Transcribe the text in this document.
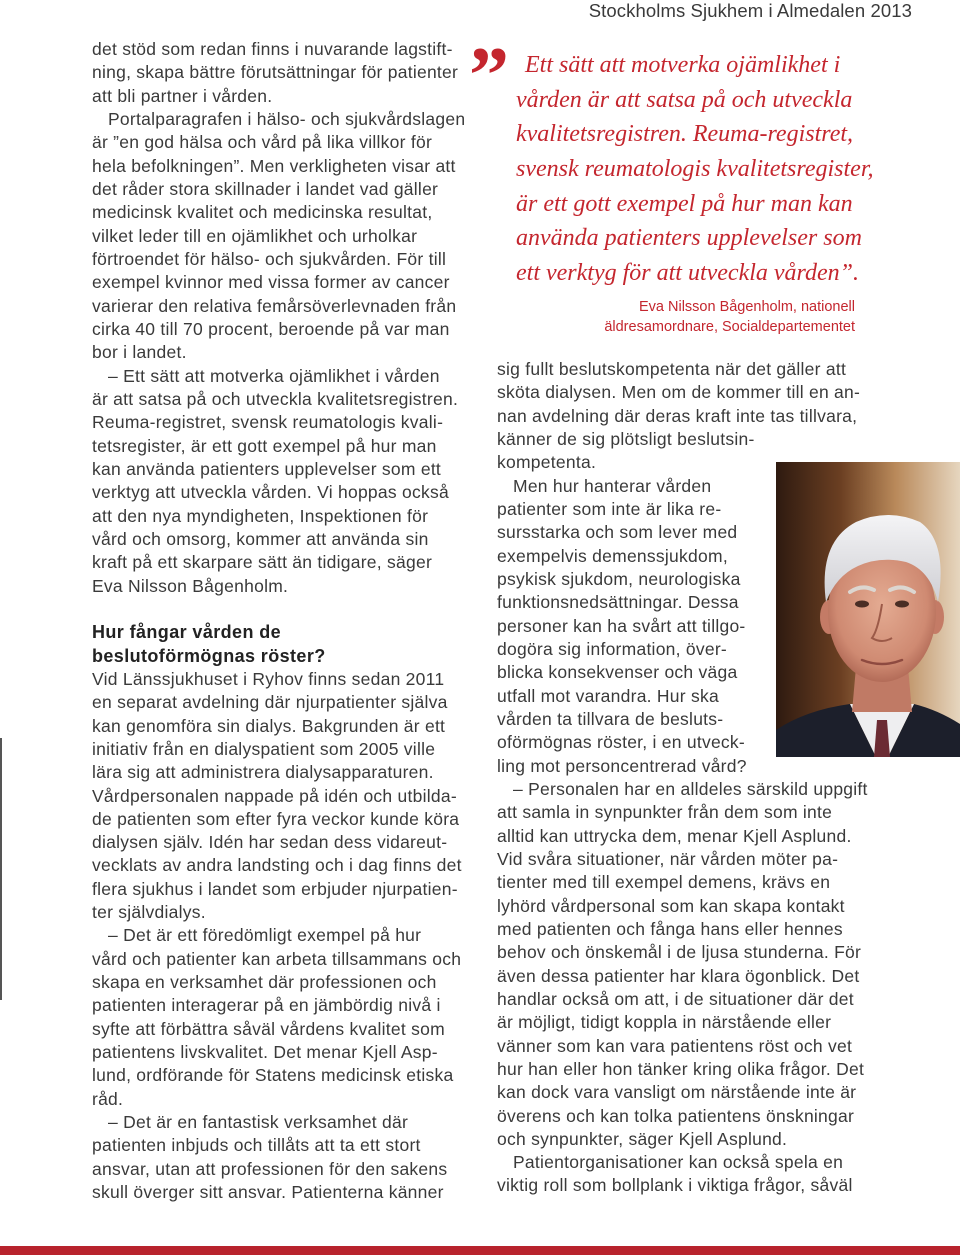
Stockholms Sjukhem i Almedalen 2013
det stöd som redan finns i nuvarande lagstift-
ning, skapa bättre förutsättningar för patienter
att bli partner i vården.
Portalparagrafen i hälso- och sjukvårdslagen
är ”en god hälsa och vård på lika villkor för
hela befolkningen”. Men verkligheten visar att
det råder stora skillnader i landet vad gäller
medicinsk kvalitet och medicinska resultat,
vilket leder till en ojämlikhet och urholkar
förtroendet för hälso- och sjukvården. För till
exempel kvinnor med vissa former av cancer
varierar den relativa femårsöverlevnaden från
cirka 40 till 70 procent, beroende på var man
bor i landet.
– Ett sätt att motverka ojämlikhet i vården
är att satsa på och utveckla kvalitetsregistren.
Reuma-registret, svensk reumatologis kvali-
tetsregister, är ett gott exempel på hur man
kan använda patienters upplevelser som ett
verktyg att utveckla vården. Vi hoppas också
att den nya myndigheten, Inspektionen för
vård och omsorg, kommer att använda sin
kraft på ett skarpare sätt än tidigare, säger
Eva Nilsson Bågenholm.
Hur fångar vården de
beslutoförmögnas röster?
Vid Länssjukhuset i Ryhov finns sedan 2011
en separat avdelning där njurpatienter själva
kan genomföra sin dialys. Bakgrunden är ett
initiativ från en dialyspatient som 2005 ville
lära sig att administrera dialysapparaturen.
Vårdpersonalen nappade på idén och utbilda-
de patienten som efter fyra veckor kunde köra
dialysen själv. Idén har sedan dess vidareut-
vecklats av andra landsting och i dag finns det
flera sjukhus i landet som erbjuder njurpatien-
ter självdialys.
– Det är ett föredömligt exempel på hur
vård och patienter kan arbeta tillsammans och
skapa en verksamhet där professionen och
patienten interagerar på en jämbördig nivå i
syfte att förbättra såväl vårdens kvalitet som
patientens livskvalitet. Det menar Kjell Asp-
lund, ordförande för Statens medicinsk etiska
råd.
– Det är en fantastisk verksamhet där
patienten inbjuds och tillåts att ta ett stort
ansvar, utan att professionen för den sakens
skull överger sitt ansvar. Patienterna känner
” Ett sätt att motverka ojämlikhet i
vården är att satsa på och utveckla
kvalitetsregistren. Reuma-registret,
svensk reumatologis kvalitetsregister,
är ett gott exempel på hur man kan
använda patienters upplevelser som
ett verktyg för att utveckla vården”.
Eva Nilsson Bågenholm, nationell
äldresamordnare, Socialdepartementet
sig fullt beslutskompetenta när det gäller att
sköta dialysen. Men om de kommer till en an-
nan avdelning där deras kraft inte tas tillvara,
känner de sig plötsligt beslutsin-
kompetenta.
Men hur hanterar vården
patienter som inte är lika re-
sursstarka och som lever med
exempelvis demenssjukdom,
psykisk sjukdom, neurologiska
funktionsnedsättningar. Dessa
personer kan ha svårt att tillgo-
dogöra sig information, över-
blicka konsekvenser och väga
utfall mot varandra. Hur ska
vården ta tillvara de besluts-
oförmögnas röster, i en utveck-
ling mot personcentrerad vård?
– Personalen har en alldeles särskild uppgift
att samla in synpunkter från dem som inte
alltid kan uttrycka dem, menar Kjell Asplund.
Vid svåra situationer, när vården möter pa-
tienter med till exempel demens, krävs en
lyhörd vårdpersonal som kan skapa kontakt
med patienten och fånga hans eller hennes
behov och önskemål i de ljusa stunderna. För
även dessa patienter har klara ögonblick. Det
handlar också om att, i de situationer där det
är möjligt, tidigt koppla in närstående eller
vänner som kan vara patientens röst och vet
hur han eller hon tänker kring olika frågor. Det
kan dock vara vansligt om närstående inte är
överens och kan tolka patientens önskningar
och synpunkter, säger Kjell Asplund.
Patientorganisationer kan också spela en
viktig roll som bollplank i viktiga frågor, såväl
